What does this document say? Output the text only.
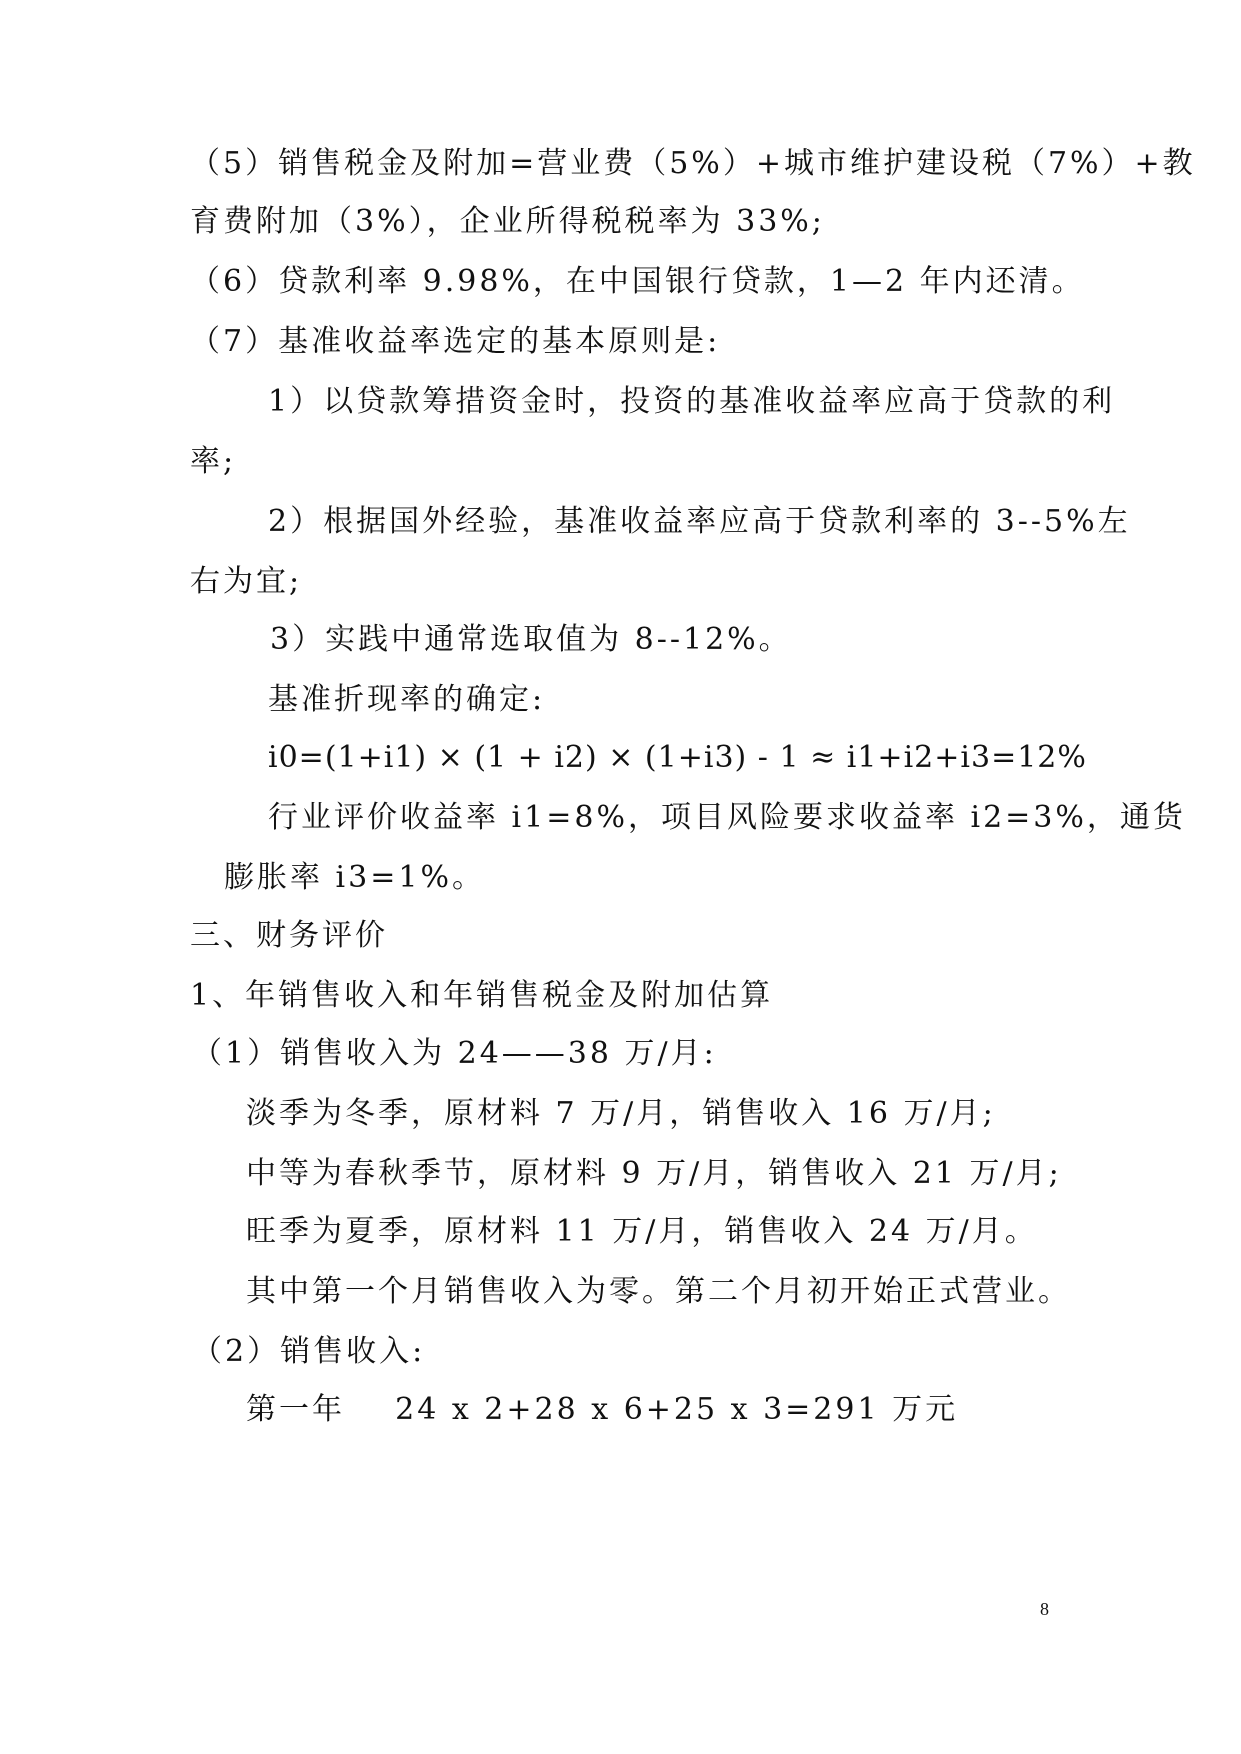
（5）销售税金及附加=营业费（5%）+城市维护建设税（7%）+教
育费附加（3%），企业所得税税率为 33%;
（6）贷款利率 9.98%，在中国银行贷款，1—2 年内还清。
（7）基准收益率选定的基本原则是:
1）以贷款筹措资金时，投资的基准收益率应高于贷款的利
率;
2）根据国外经验，基准收益率应高于贷款利率的 3--5%左
右为宜;
3）实践中通常选取值为 8--12%。
基准折现率的确定:
i0=(1+i1) × (1 + i2) × (1+i3) - 1 ≈ i1+i2+i3=12%
行业评价收益率 i1=8%，项目风险要求收益率 i2=3%，通货
膨胀率 i3=1%。
三、财务评价
1、年销售收入和年销售税金及附加估算
（1）销售收入为 24——38 万/月:
淡季为冬季，原材料 7 万/月，销售收入 16 万/月;
中等为春秋季节，原材料 9 万/月，销售收入 21 万/月;
旺季为夏季，原材料 11 万/月，销售收入 24 万/月。
其中第一个月销售收入为零。第二个月初开始正式营业。
（2）销售收入:
第一年    24 x 2+28 x 6+25 x 3=291 万元
8
